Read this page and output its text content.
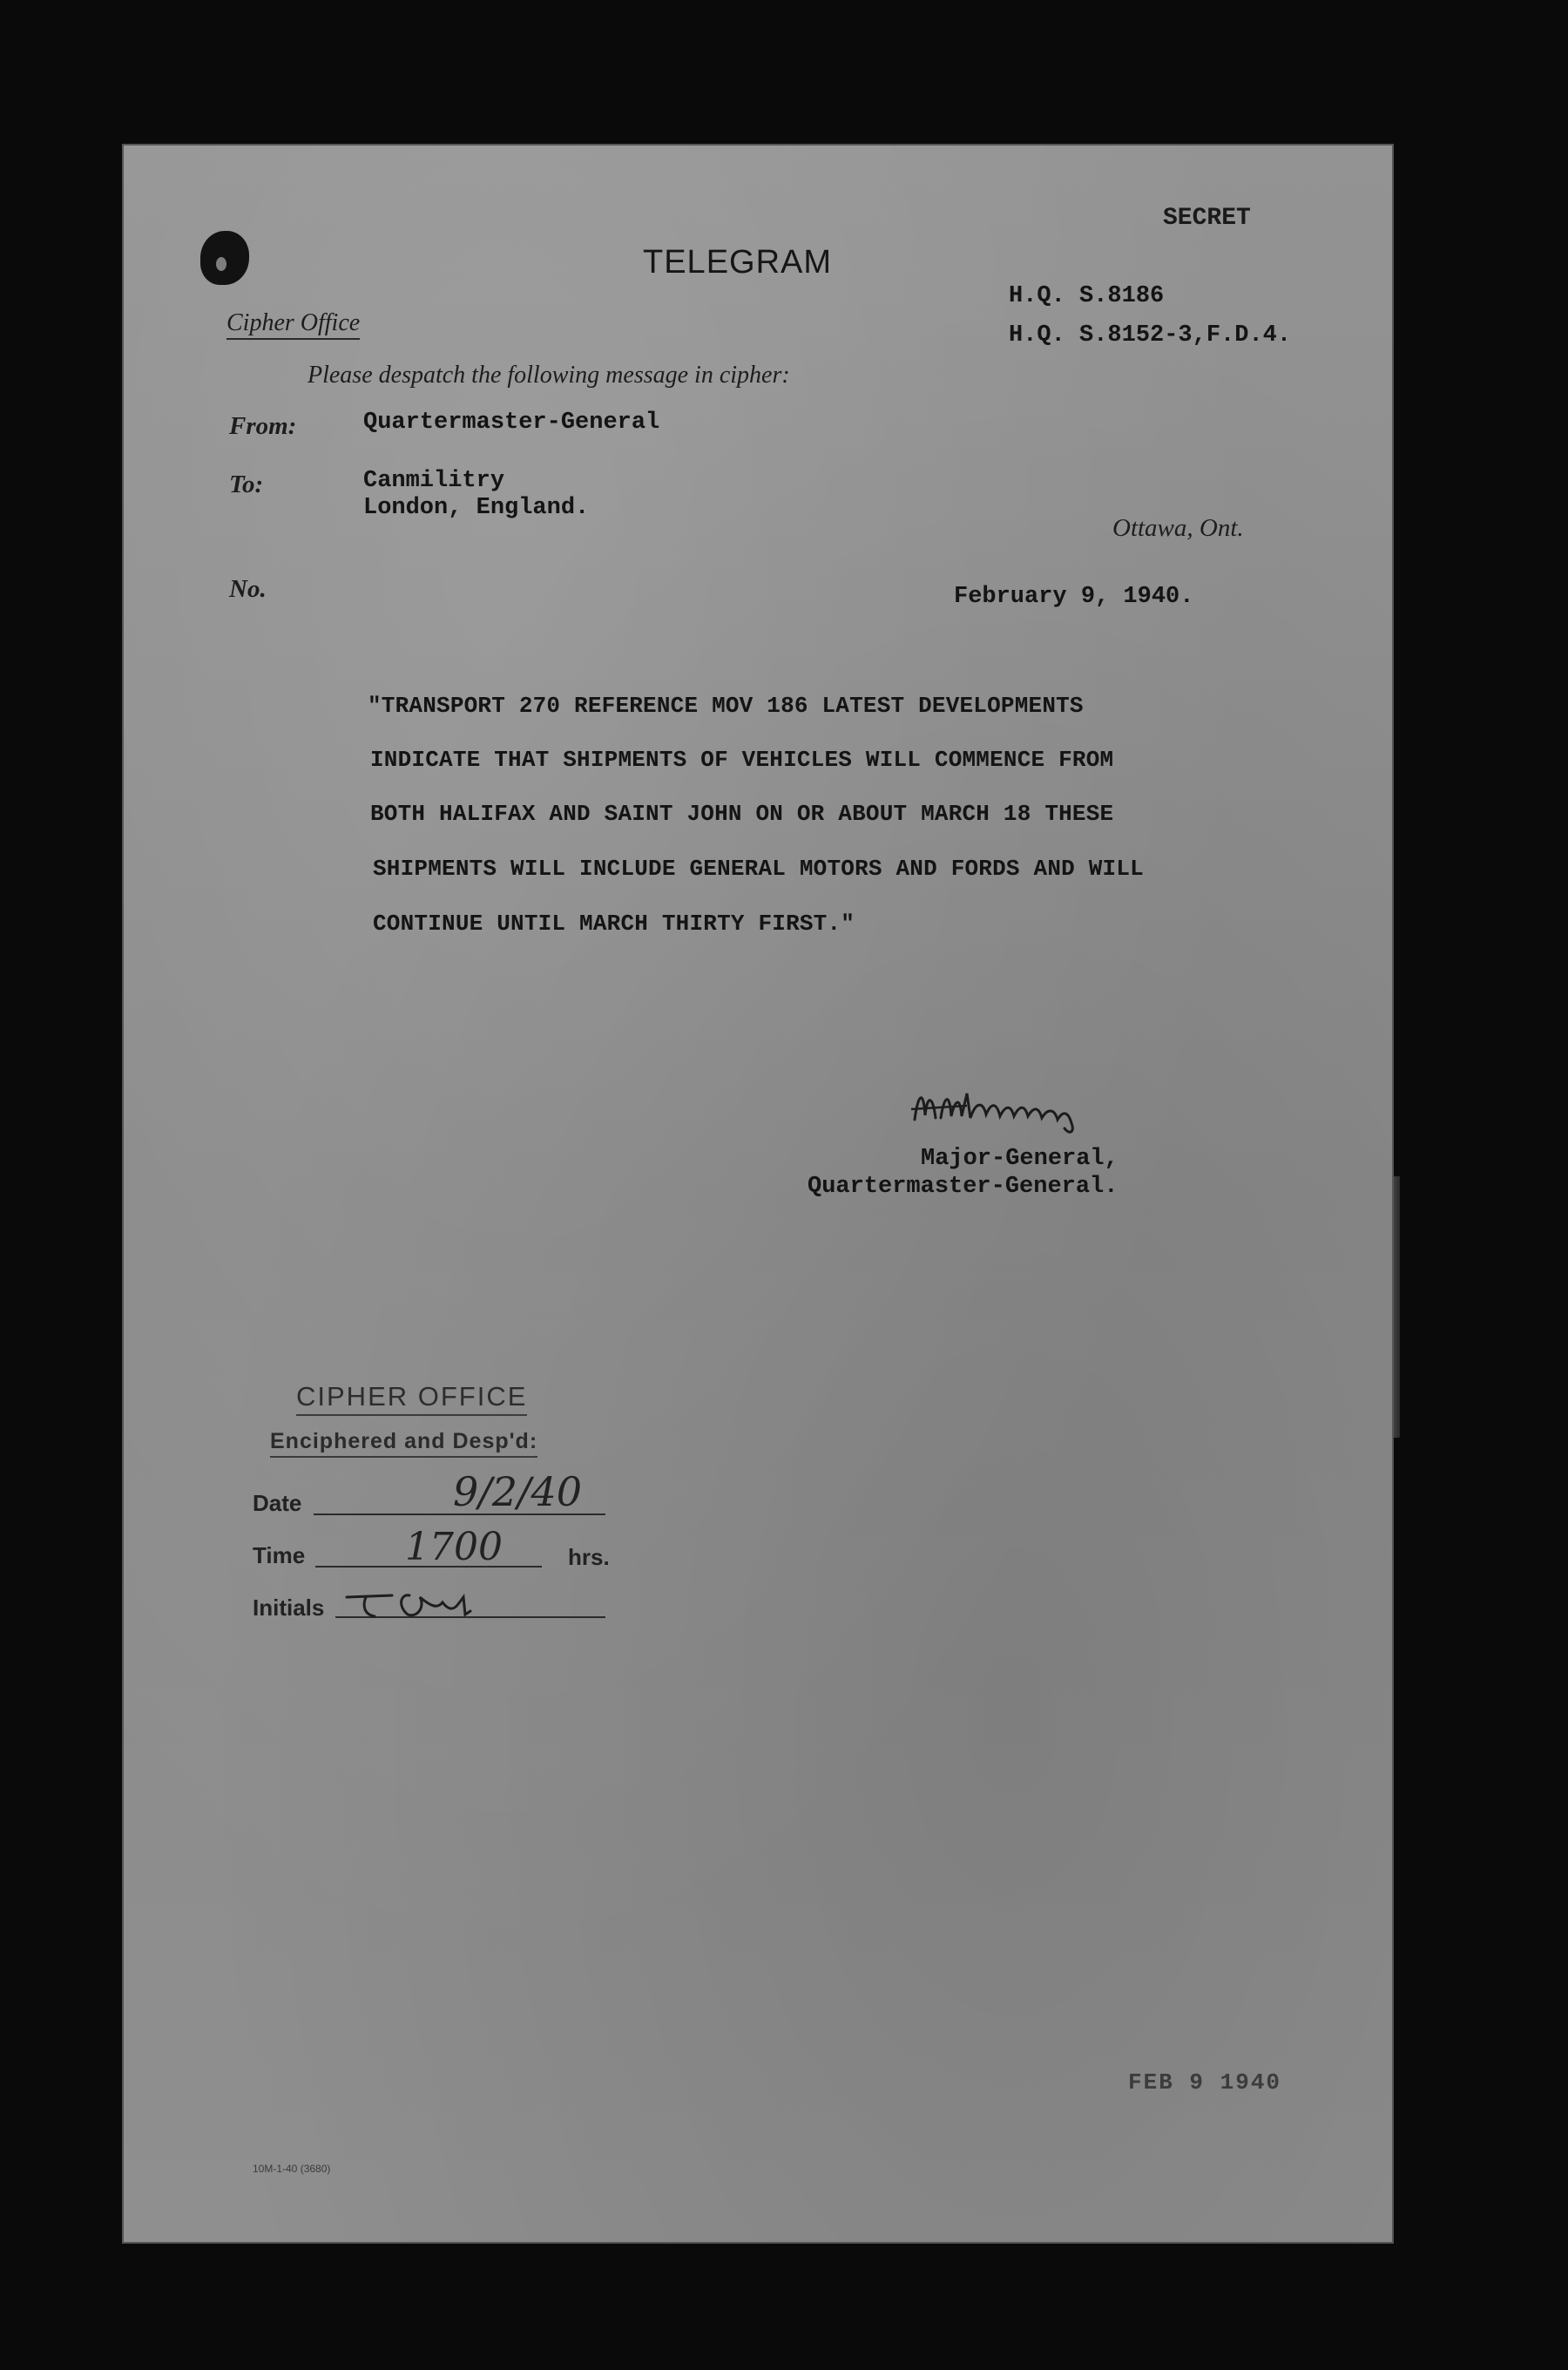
TELEGRAM
SECRET
H.Q. S.8186
H.Q. S.8152-3,F.D.4.
Cipher Office
Please despatch the following message in cipher:
From:	Quartermaster-General
To:	Canmilitry
London, England.
Ottawa, Ont.
No.	February 9, 1940.
"TRANSPORT 270 REFERENCE MOV 186 LATEST DEVELOPMENTS
INDICATE THAT SHIPMENTS OF VEHICLES WILL COMMENCE FROM
BOTH HALIFAX AND SAINT JOHN ON OR ABOUT MARCH 18 THESE
SHIPMENTS WILL INCLUDE GENERAL MOTORS AND FORDS AND WILL
CONTINUE UNTIL MARCH THIRTY FIRST."
Major-General,
Quartermaster-General.
CIPHER OFFICE
Enciphered and Desp'd:
Date	9/2/40
Time	1700	hrs.
Initials
FEB 9 1940
10M-1-40 (3680)
